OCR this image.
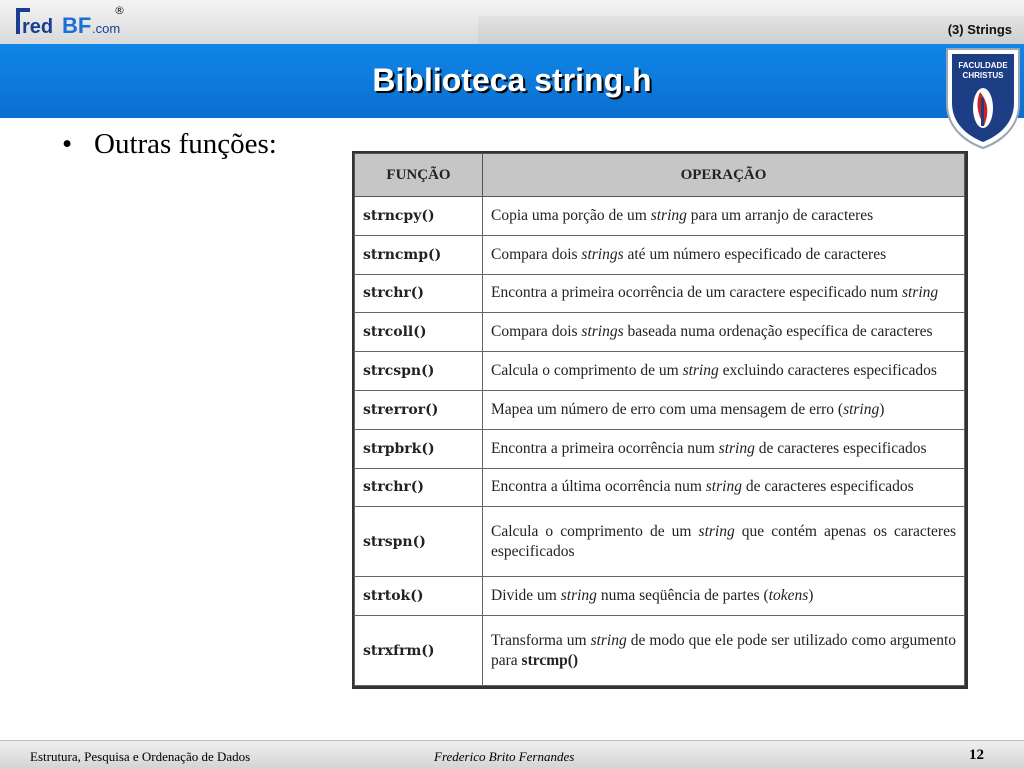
red BF .com
®
(3) Strings
Biblioteca string.h	FACULDADE
CHRISTUS
• Outras funções:
FUNÇÃO	OPERAÇÃO
strncpy()	Copia uma porção de um string para um arranjo de caracteres
strncmp()	Compara dois strings até um número especificado de caracteres
strchr()	Encontra a primeira ocorrência de um caractere especificado num string
strcoll()	Compara dois strings baseada numa ordenação específica de caracteres
strcspn()	Calcula o comprimento de um string excluindo caracteres especificados
strerror()	Mapea um número de erro com uma mensagem de erro (string)
strpbrk()	Encontra a primeira ocorrência num string de caracteres especificados
strchr()	Encontra a última ocorrência num string de caracteres especificados
strspn()	Calcula o comprimento de um string que contém apenas os caracteres especificados
strtok()	Divide um string numa seqüência de partes (tokens)
strxfrm()	Transforma um string de modo que ele pode ser utilizado como argumento para strcmp()
Estrutura, Pesquisa e Ordenação de Dados	Frederico Brito Fernandes	12
